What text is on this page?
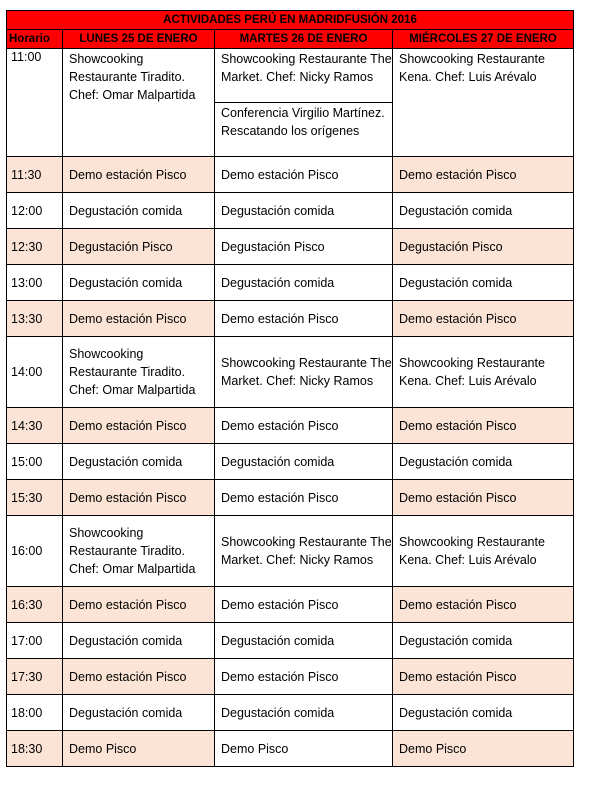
ACTIVIDADES PERÚ EN MADRIDFUSIÓN 2016			
Horario	LUNES 25 DE ENERO	MARTES 26 DE ENERO	MIÉRCOLES 27 DE ENERO
11:00	Showcooking Restaurante Tiradito. Chef: Omar Malpartida	Showcooking Restaurante The Market. Chef: Nicky Ramos	Showcooking Restaurante Kena. Chef: Luis Arévalo
		Conferencia Virgilio Martínez. Rescatando los orígenes	
11:30	Demo estación Pisco	Demo estación Pisco	Demo estación Pisco
12:00	Degustación comida	Degustación comida	Degustación comida
12:30	Degustación Pisco	Degustación Pisco	Degustación Pisco
13:00	Degustación comida	Degustación comida	Degustación comida
13:30	Demo estación Pisco	Demo estación Pisco	Demo estación Pisco
14:00	Showcooking Restaurante Tiradito. Chef: Omar Malpartida	Showcooking Restaurante The Market. Chef: Nicky Ramos	Showcooking Restaurante Kena. Chef: Luis Arévalo
14:30	Demo estación Pisco	Demo estación Pisco	Demo estación Pisco
15:00	Degustación comida	Degustación comida	Degustación comida
15:30	Demo estación Pisco	Demo estación Pisco	Demo estación Pisco
16:00	Showcooking Restaurante Tiradito. Chef: Omar Malpartida	Showcooking Restaurante The Market. Chef: Nicky Ramos	Showcooking Restaurante Kena. Chef: Luis Arévalo
16:30	Demo estación Pisco	Demo estación Pisco	Demo estación Pisco
17:00	Degustación comida	Degustación comida	Degustación comida
17:30	Demo estación Pisco	Demo estación Pisco	Demo estación Pisco
18:00	Degustación comida	Degustación comida	Degustación comida
18:30	Demo Pisco	Demo Pisco	Demo Pisco
